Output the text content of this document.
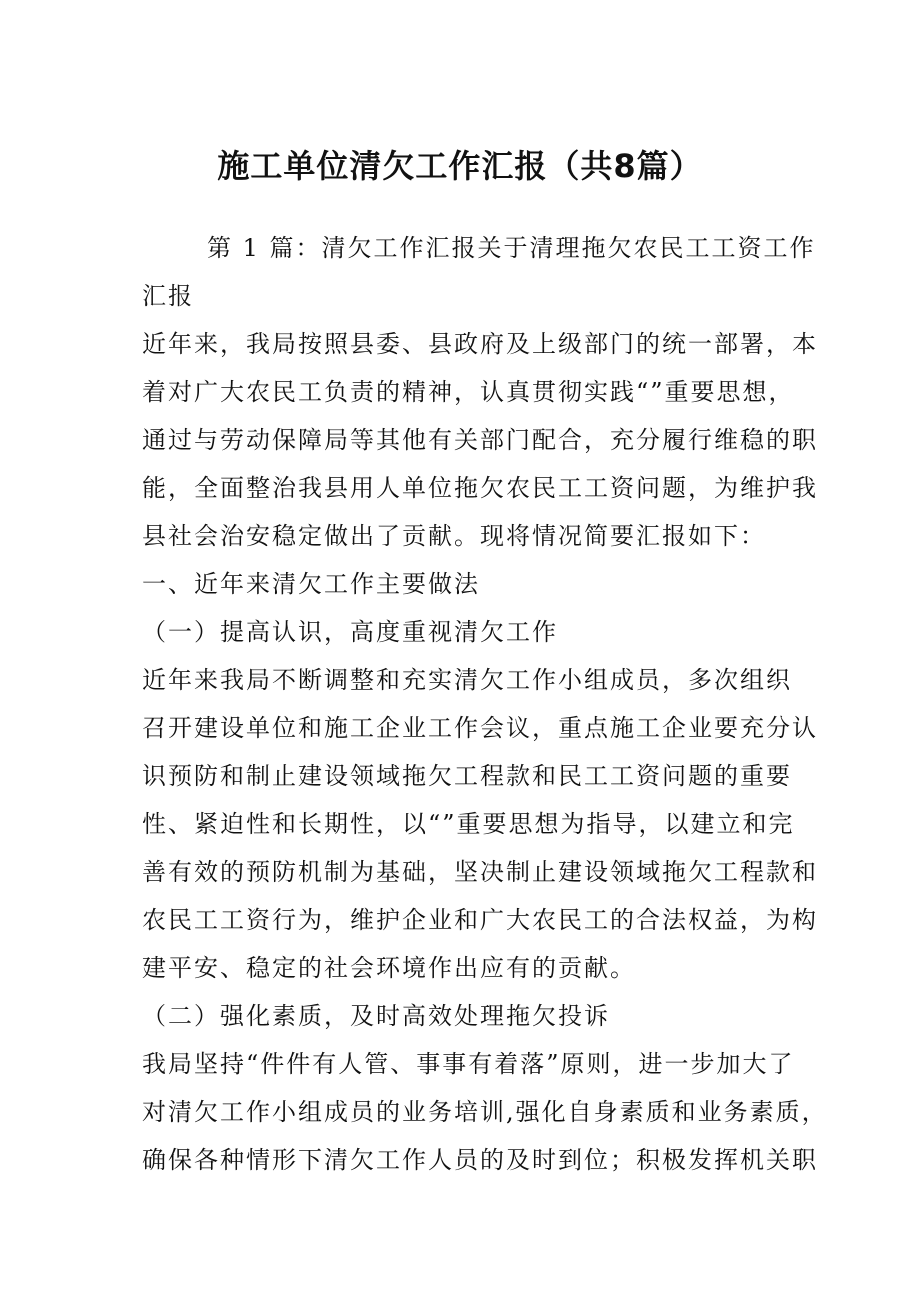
施工单位清欠工作汇报（共8篇）
第 1 篇：清欠工作汇报关于清理拖欠农民工工资工作
汇报
近年来，我局按照县委、县政府及上级部门的统一部署，本
着对广大农民工负责的精神，认真贯彻实践“”重要思想，
通过与劳动保障局等其他有关部门配合，充分履行维稳的职
能，全面整治我县用人单位拖欠农民工工资问题，为维护我
县社会治安稳定做出了贡献。现将情况简要汇报如下：
一、近年来清欠工作主要做法
（一）提高认识，高度重视清欠工作
近年来我局不断调整和充实清欠工作小组成员，多次组织
召开建设单位和施工企业工作会议，重点施工企业要充分认
识预防和制止建设领域拖欠工程款和民工工资问题的重要
性、紧迫性和长期性，以“”重要思想为指导，以建立和完
善有效的预防机制为基础，坚决制止建设领域拖欠工程款和
农民工工资行为，维护企业和广大农民工的合法权益，为构
建平安、稳定的社会环境作出应有的贡献。
（二）强化素质，及时高效处理拖欠投诉
我局坚持“件件有人管、事事有着落”原则，进一步加大了
对清欠工作小组成员的业务培训,强化自身素质和业务素质，
确保各种情形下清欠工作人员的及时到位；积极发挥机关职
